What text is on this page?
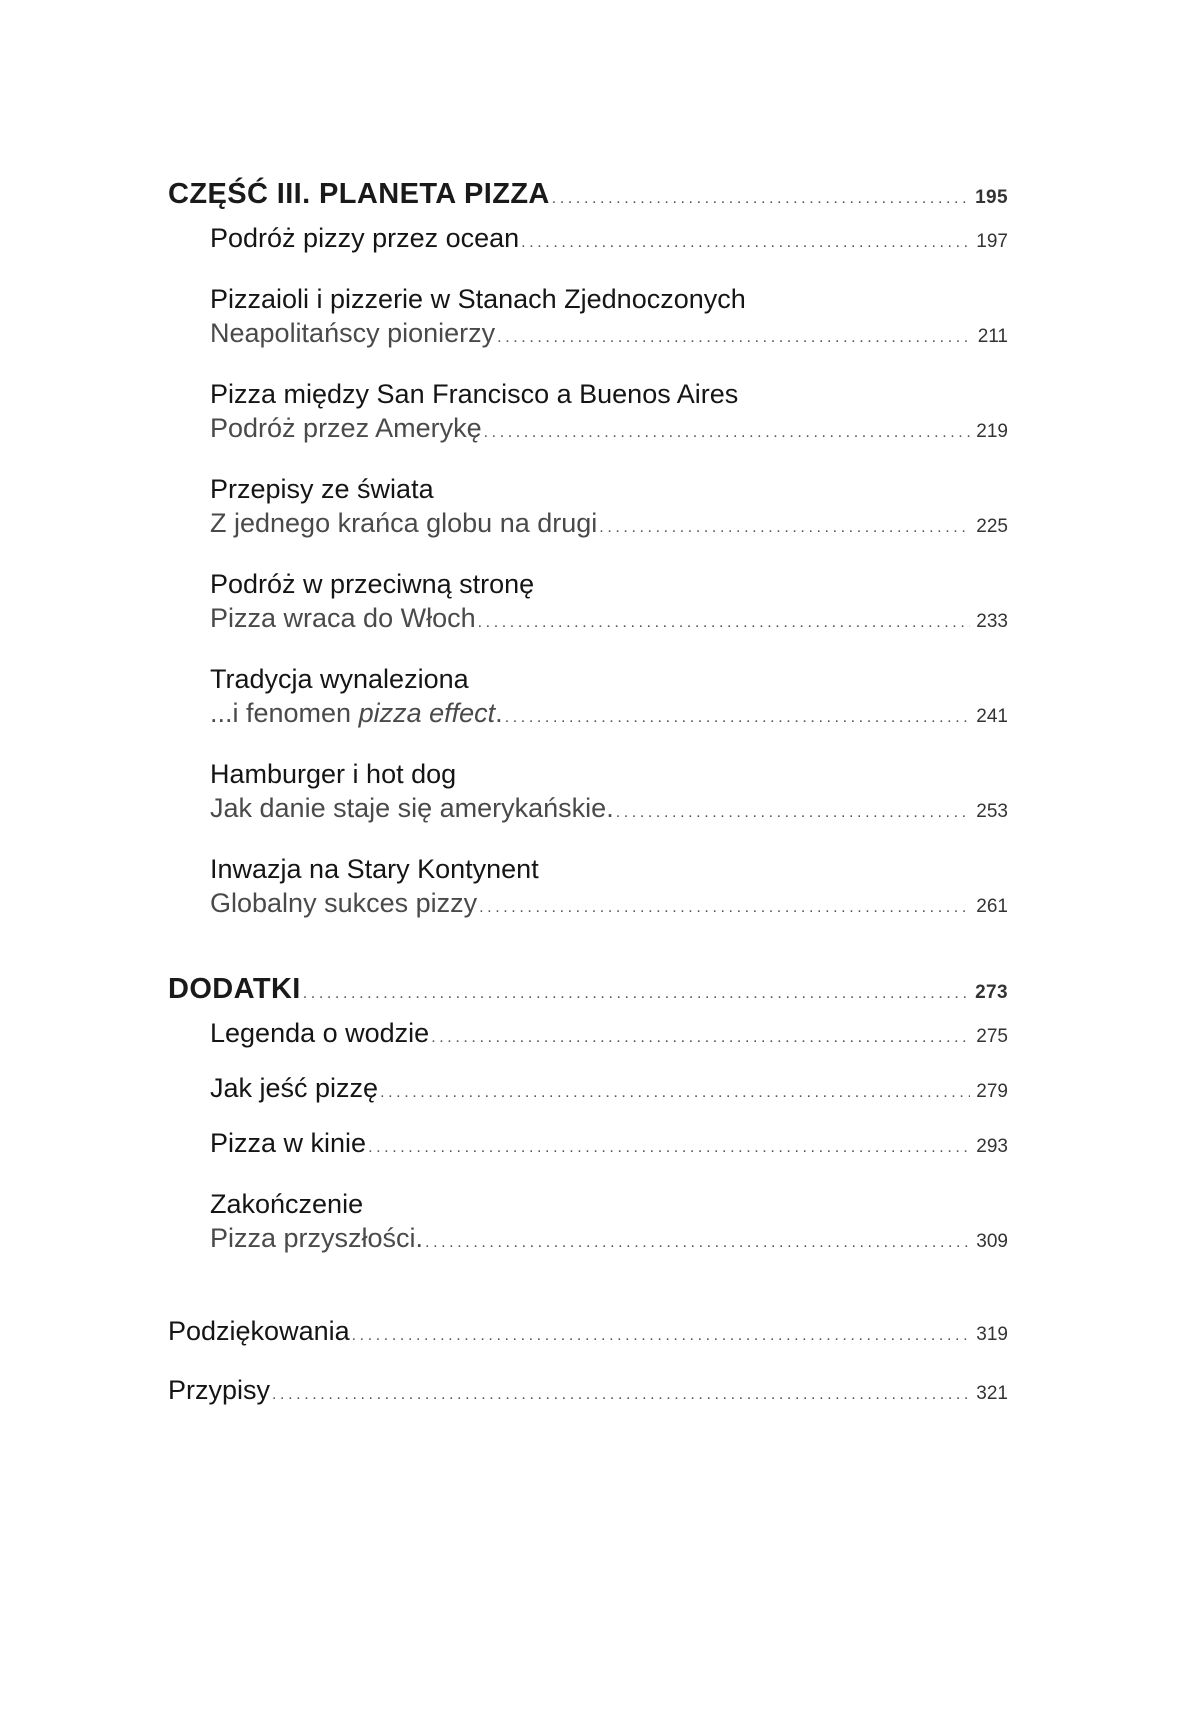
CZĘŚĆ III. PLANETA PIZZA .....	195
Podróż pizzy przez ocean .....	197
Pizzaioli i pizzerie w Stanach Zjednoczonych
Neapolitańscy pionierzy .....	211
Pizza między San Francisco a Buenos Aires
Podróż przez Amerykę .....	219
Przepisy ze świata
Z jednego krańca globu na drugi .....	225
Podróż w przeciwną stronę
Pizza wraca do Włoch .....	233
Tradycja wynaleziona
...i fenomen pizza effect. .....	241
Hamburger i hot dog
Jak danie staje się amerykańskie. .....	253
Inwazja na Stary Kontynent
Globalny sukces pizzy .....	261
DODATKI .....	273
Legenda o wodzie .....	275
Jak jeść pizzę .....	279
Pizza w kinie .....	293
Zakończenie
Pizza przyszłości. .....	309
Podziękowania .....	319
Przypisy .....	321
